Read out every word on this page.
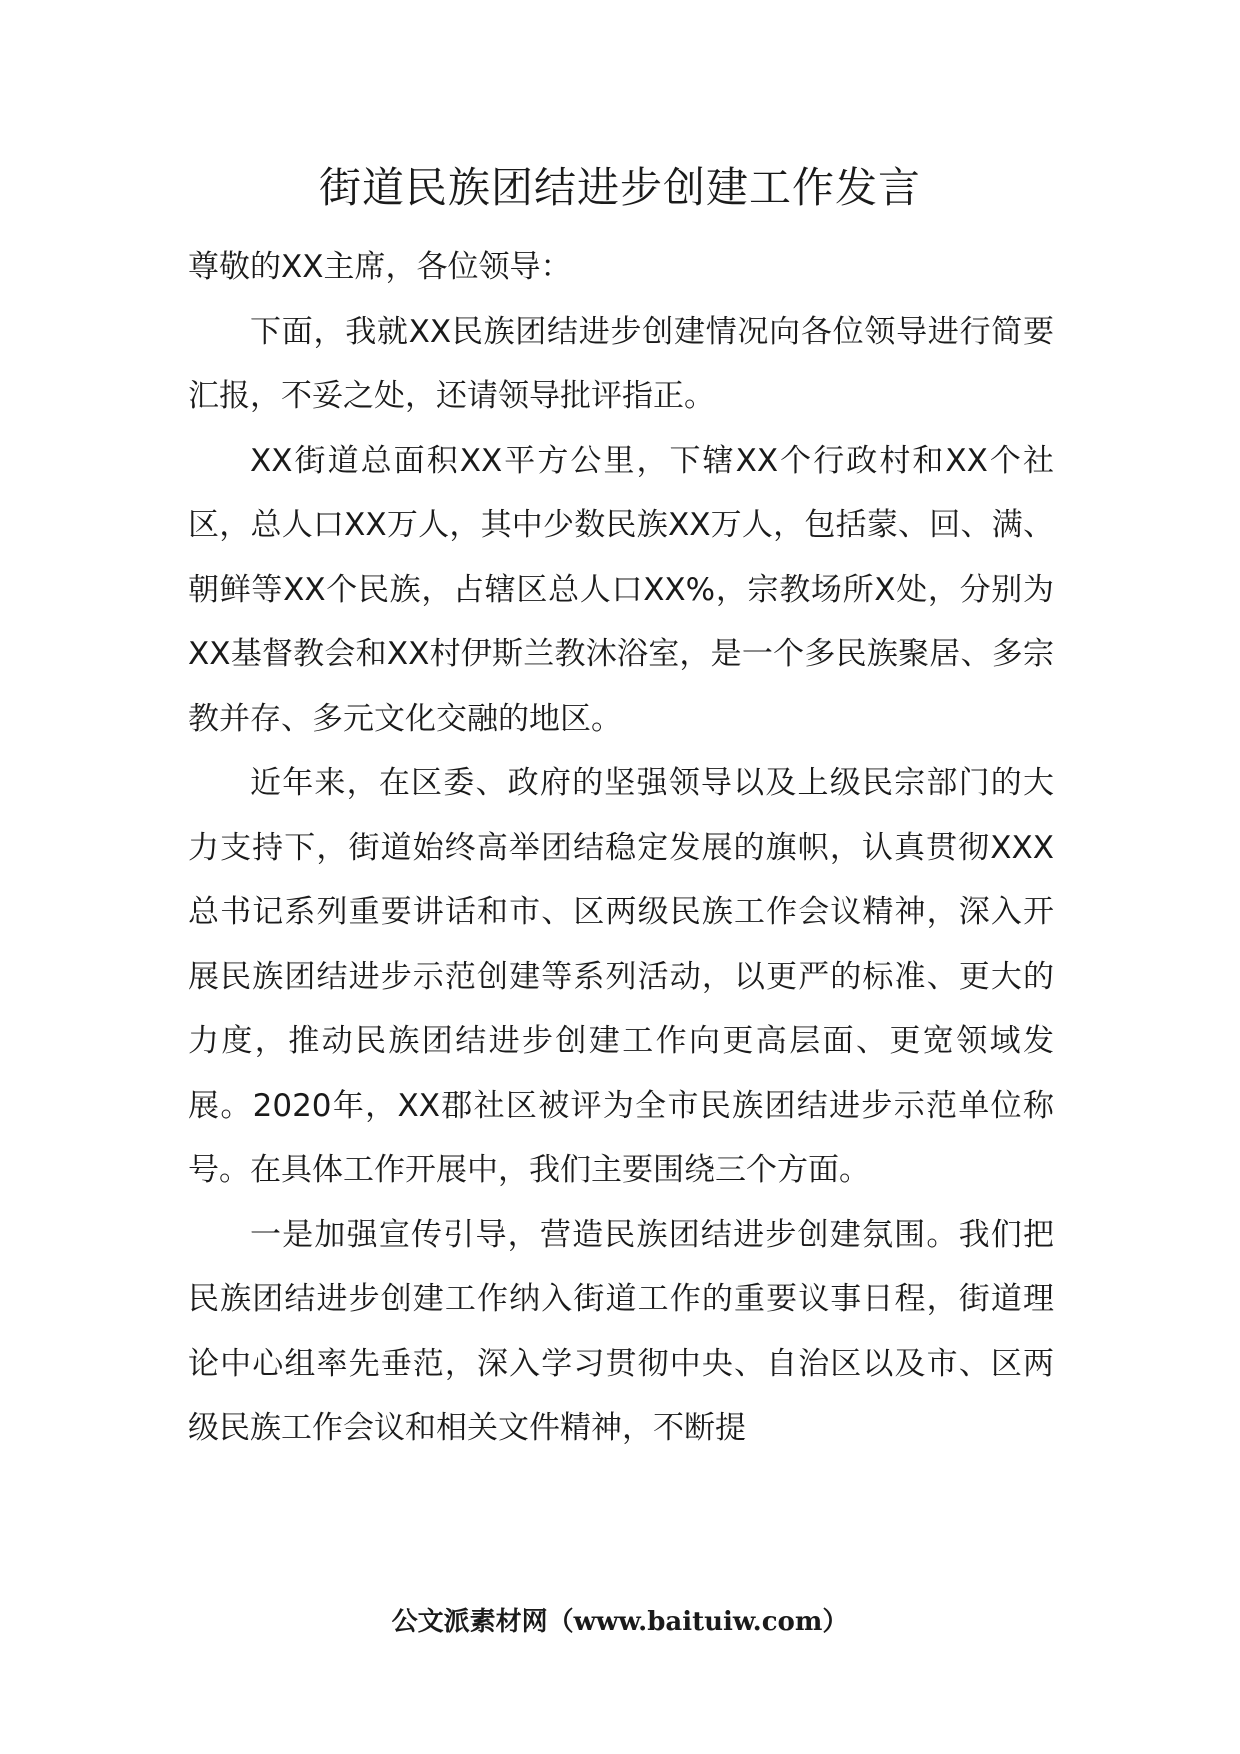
街道民族团结进步创建工作发言

尊敬的XX主席，各位领导：

下面，我就XX民族团结进步创建情况向各位领导进行简要汇报，不妥之处，还请领导批评指正。

XX街道总面积XX平方公里，下辖XX个行政村和XX个社区，总人口XX万人，其中少数民族XX万人，包括蒙、回、满、朝鲜等XX个民族，占辖区总人口XX%，宗教场所X处，分别为XX基督教会和XX村伊斯兰教沐浴室，是一个多民族聚居、多宗教并存、多元文化交融的地区。

近年来，在区委、政府的坚强领导以及上级民宗部门的大力支持下，街道始终高举团结稳定发展的旗帜，认真贯彻XXX总书记系列重要讲话和市、区两级民族工作会议精神，深入开展民族团结进步示范创建等系列活动，以更严的标准、更大的力度，推动民族团结进步创建工作向更高层面、更宽领域发展。2020年，XX郡社区被评为全市民族团结进步示范单位称号。在具体工作开展中，我们主要围绕三个方面。

一是加强宣传引导，营造民族团结进步创建氛围。我们把民族团结进步创建工作纳入街道工作的重要议事日程，街道理论中心组率先垂范，深入学习贯彻中央、自治区以及市、区两级民族工作会议和相关文件精神，不断提

公文派素材网（www.baituiw.com）
